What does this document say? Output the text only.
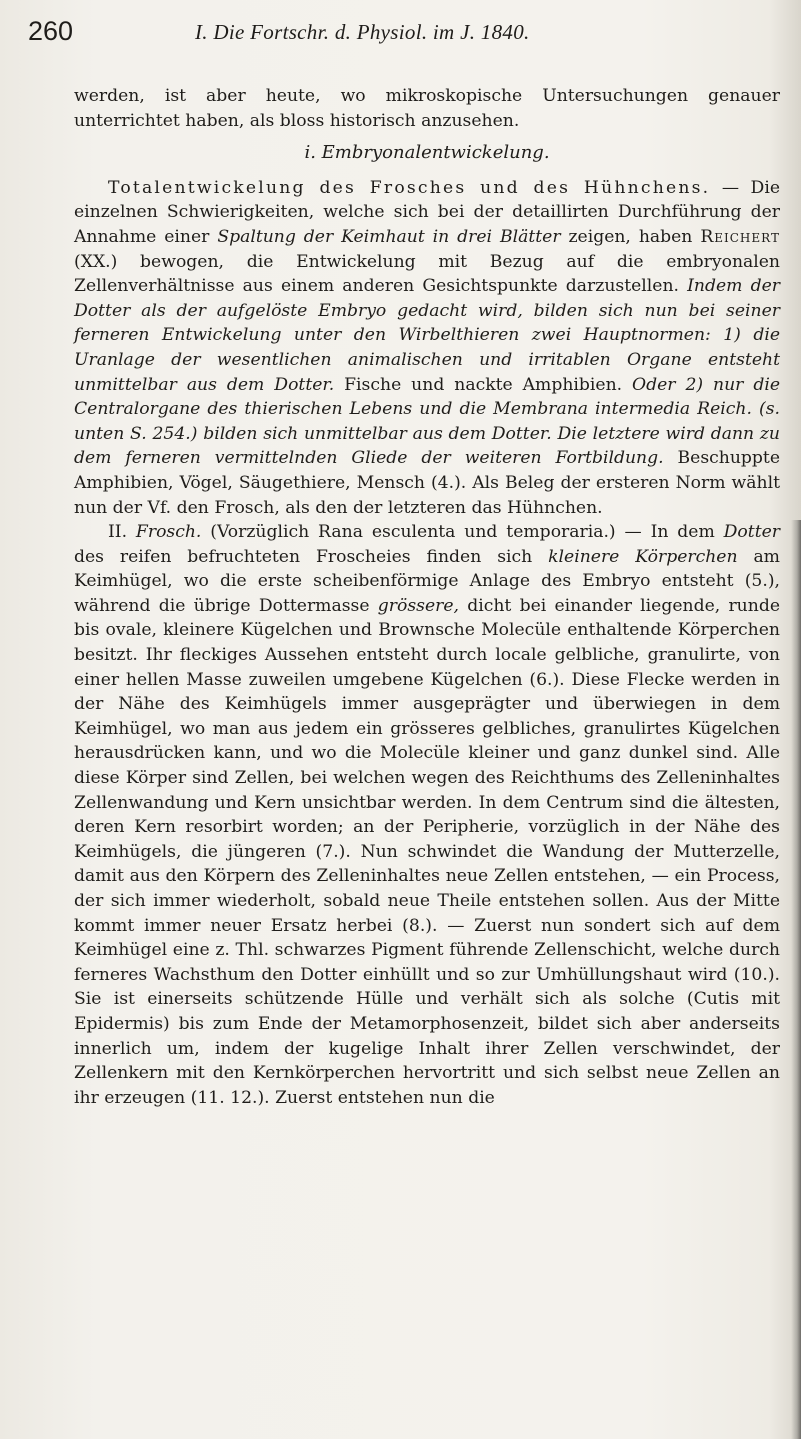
260	I. Die Fortschr. d. Physiol. im J. 1840.

werden, ist aber heute, wo mikroskopische Untersuchungen genauer unterrichtet haben, als bloss historisch anzusehen.

i. Embryonalentwickelung.

Totalentwickelung des Frosches und des Hühnchens. — Die einzelnen Schwierigkeiten, welche sich bei der detaillirten Durchführung der Annahme einer Spaltung der Keimhaut in drei Blätter zeigen, haben Reichert (XX.) bewogen, die Entwickelung mit Bezug auf die embryonalen Zellenverhältnisse aus einem anderen Gesichtspunkte darzustellen. Indem der Dotter als der aufgelöste Embryo gedacht wird, bilden sich nun bei seiner ferneren Entwickelung unter den Wirbelthieren zwei Hauptnormen: 1) die Uranlage der wesentlichen animalischen und irritablen Organe entsteht unmittelbar aus dem Dotter. Fische und nackte Amphibien. Oder 2) nur die Centralorgane des thierischen Lebens und die Membrana intermedia Reich. (s. unten S. 254.) bilden sich unmittelbar aus dem Dotter. Die letztere wird dann zu dem ferneren vermittelnden Gliede der weiteren Fortbildung. Beschuppte Amphibien, Vögel, Säugethiere, Mensch (4.). Als Beleg der ersteren Norm wählt nun der Vf. den Frosch, als den der letzteren das Hühnchen.

II. Frosch. (Vorzüglich Rana esculenta und temporaria.) — In dem Dotter des reifen befruchteten Froscheies finden sich kleinere Körperchen am Keimhügel, wo die erste scheibenförmige Anlage des Embryo entsteht (5.), während die übrige Dottermasse grössere, dicht bei einander liegende, runde bis ovale, kleinere Kügelchen und Brownsche Molecüle enthaltende Körperchen besitzt. Ihr fleckiges Aussehen entsteht durch locale gelbliche, granulirte, von einer hellen Masse zuweilen umgebene Kügelchen (6.). Diese Flecke werden in der Nähe des Keimhügels immer ausgeprägter und überwiegen in dem Keimhügel, wo man aus jedem ein grösseres gelbliches, granulirtes Kügelchen herausdrücken kann, und wo die Molecüle kleiner und ganz dunkel sind. Alle diese Körper sind Zellen, bei welchen wegen des Reichthums des Zelleninhaltes Zellenwandung und Kern unsichtbar werden. In dem Centrum sind die ältesten, deren Kern resorbirt worden; an der Peripherie, vorzüglich in der Nähe des Keimhügels, die jüngeren (7.). Nun schwindet die Wandung der Mutterzelle, damit aus den Körpern des Zelleninhaltes neue Zellen entstehen, — ein Process, der sich immer wiederholt, sobald neue Theile entstehen sollen. Aus der Mitte kommt immer neuer Ersatz herbei (8.). — Zuerst nun sondert sich auf dem Keimhügel eine z. Thl. schwarzes Pigment führende Zellenschicht, welche durch ferneres Wachsthum den Dotter einhüllt und so zur Umhüllungshaut wird (10.). Sie ist einerseits schützende Hülle und verhält sich als solche (Cutis mit Epidermis) bis zum Ende der Metamorphosenzeit, bildet sich aber anderseits innerlich um, indem der kugelige Inhalt ihrer Zellen verschwindet, der Zellenkern mit den Kernkörperchen hervortritt und sich selbst neue Zellen an ihr erzeugen (11. 12.). Zuerst entstehen nun die
